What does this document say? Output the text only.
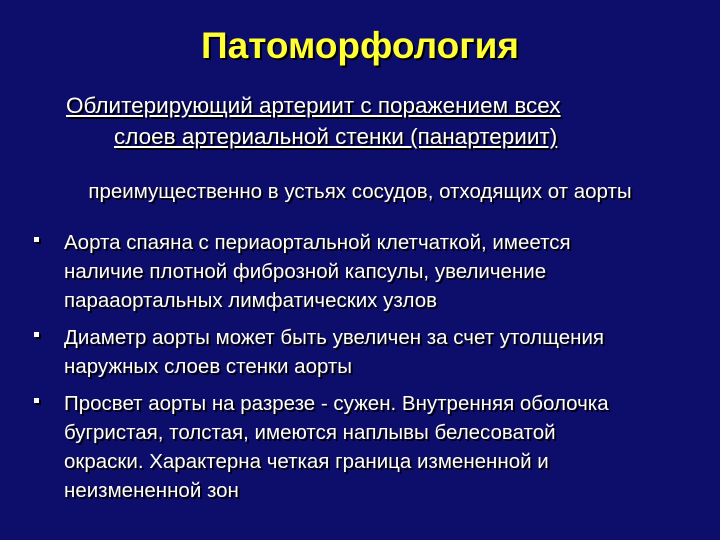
Патоморфология
Облитерирующий артериит с поражением всех
слоев артериальной стенки (панартериит)
преимущественно в устьях сосудов, отходящих от аорты
Аорта спаяна с периаортальной клетчаткой, имеется
наличие плотной фиброзной капсулы, увеличение
парааортальных лимфатических узлов
Диаметр аорты может быть увеличен за счет утолщения
наружных слоев стенки аорты
Просвет аорты на разрезе - сужен. Внутренняя оболочка
бугристая, толстая, имеются наплывы белесоватой
окраски. Характерна четкая граница измененной и
неизмененной зон
